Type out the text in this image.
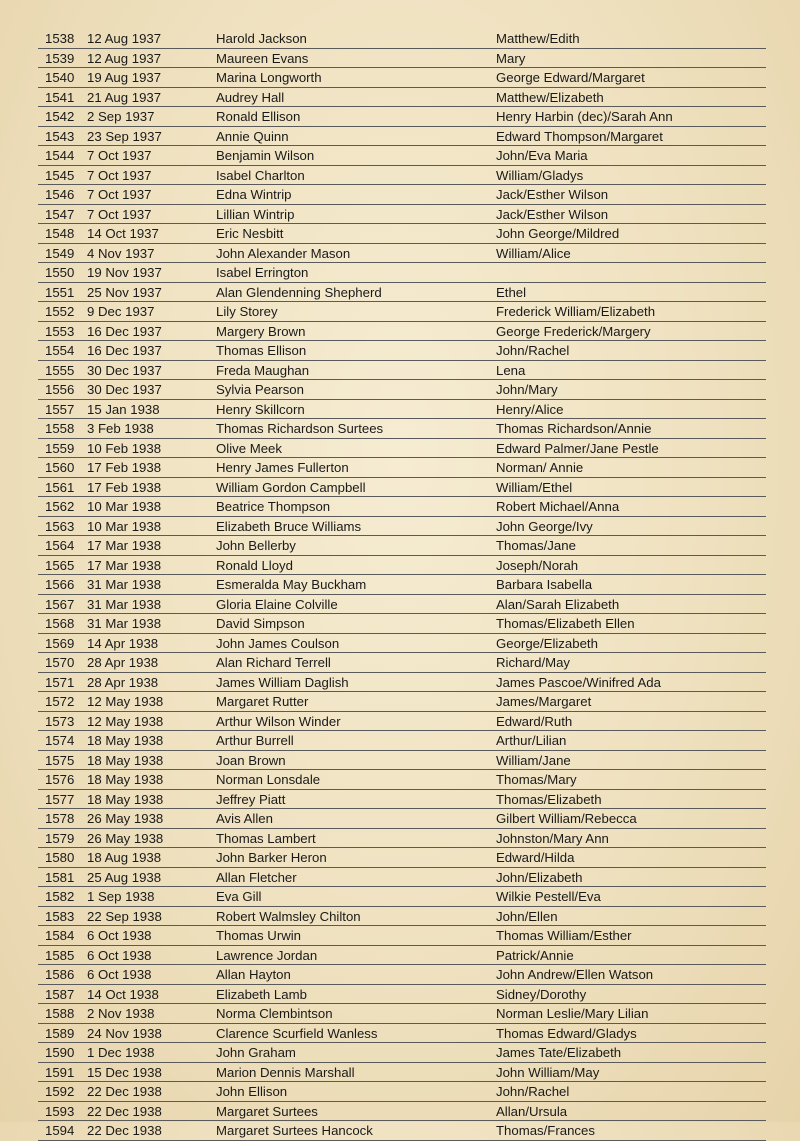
1538 12 Aug 1937	Harold Jackson	Matthew/Edith
1539 12 Aug 1937	Maureen Evans	Mary
1540 19 Aug 1937	Marina Longworth	George Edward/Margaret
1541 21 Aug 1937	Audrey Hall	Matthew/Elizabeth
1542 2 Sep 1937	Ronald Ellison	Henry Harbin (dec)/Sarah Ann
1543 23 Sep 1937	Annie Quinn	Edward Thompson/Margaret
1544 7 Oct 1937	Benjamin Wilson	John/Eva Maria
1545 7 Oct 1937	Isabel Charlton	William/Gladys
1546 7 Oct 1937	Edna Wintrip	Jack/Esther Wilson
1547 7 Oct 1937	Lillian Wintrip	Jack/Esther Wilson
1548 14 Oct 1937	Eric Nesbitt	John George/Mildred
1549 4 Nov 1937	John Alexander Mason	William/Alice
1550 19 Nov 1937	Isabel Errington
1551 25 Nov 1937	Alan Glendenning Shepherd	Ethel
1552 9 Dec 1937	Lily Storey	Frederick William/Elizabeth
1553 16 Dec 1937	Margery Brown	George Frederick/Margery
1554 16 Dec 1937	Thomas Ellison	John/Rachel
1555 30 Dec 1937	Freda Maughan	Lena
1556 30 Dec 1937	Sylvia Pearson	John/Mary
1557 15 Jan 1938	Henry Skillcorn	Henry/Alice
1558 3 Feb 1938	Thomas Richardson Surtees	Thomas Richardson/Annie
1559 10 Feb 1938	Olive Meek	Edward Palmer/Jane Pestle
1560 17 Feb 1938	Henry James Fullerton	Norman/ Annie
1561 17 Feb 1938	William Gordon Campbell	William/Ethel
1562 10 Mar 1938	Beatrice Thompson	Robert Michael/Anna
1563 10 Mar 1938	Elizabeth Bruce Williams	John George/Ivy
1564 17 Mar 1938	John Bellerby	Thomas/Jane
1565 17 Mar 1938	Ronald Lloyd	Joseph/Norah
1566 31 Mar 1938	Esmeralda May Buckham	Barbara Isabella
1567 31 Mar 1938	Gloria Elaine Colville	Alan/Sarah Elizabeth
1568 31 Mar 1938	David Simpson	Thomas/Elizabeth Ellen
1569 14 Apr 1938	John James Coulson	George/Elizabeth
1570 28 Apr 1938	Alan Richard Terrell	Richard/May
1571 28 Apr 1938	James William Daglish	James Pascoe/Winifred Ada
1572 12 May 1938	Margaret Rutter	James/Margaret
1573 12 May 1938	Arthur Wilson Winder	Edward/Ruth
1574 18 May 1938	Arthur Burrell	Arthur/Lilian
1575 18 May 1938	Joan Brown	William/Jane
1576 18 May 1938	Norman Lonsdale	Thomas/Mary
1577 18 May 1938	Jeffrey Piatt	Thomas/Elizabeth
1578 26 May 1938	Avis Allen	Gilbert William/Rebecca
1579 26 May 1938	Thomas Lambert	Johnston/Mary Ann
1580 18 Aug 1938	John Barker Heron	Edward/Hilda
1581 25 Aug 1938	Allan Fletcher	John/Elizabeth
1582 1 Sep 1938	Eva Gill	Wilkie Pestell/Eva
1583 22 Sep 1938	Robert Walmsley Chilton	John/Ellen
1584 6 Oct 1938	Thomas Urwin	Thomas William/Esther
1585 6 Oct 1938	Lawrence Jordan	Patrick/Annie
1586 6 Oct 1938	Allan Hayton	John Andrew/Ellen Watson
1587 14 Oct 1938	Elizabeth Lamb	Sidney/Dorothy
1588 2 Nov 1938	Norma Clembintson	Norman Leslie/Mary Lilian
1589 24 Nov 1938	Clarence Scurfield Wanless	Thomas Edward/Gladys
1590 1 Dec 1938	John Graham	James Tate/Elizabeth
1591 15 Dec 1938	Marion Dennis Marshall	John William/May
1592 22 Dec 1938	John Ellison	John/Rachel
1593 22 Dec 1938	Margaret Surtees	Allan/Ursula
1594 22 Dec 1938	Margaret Surtees Hancock	Thomas/Frances
